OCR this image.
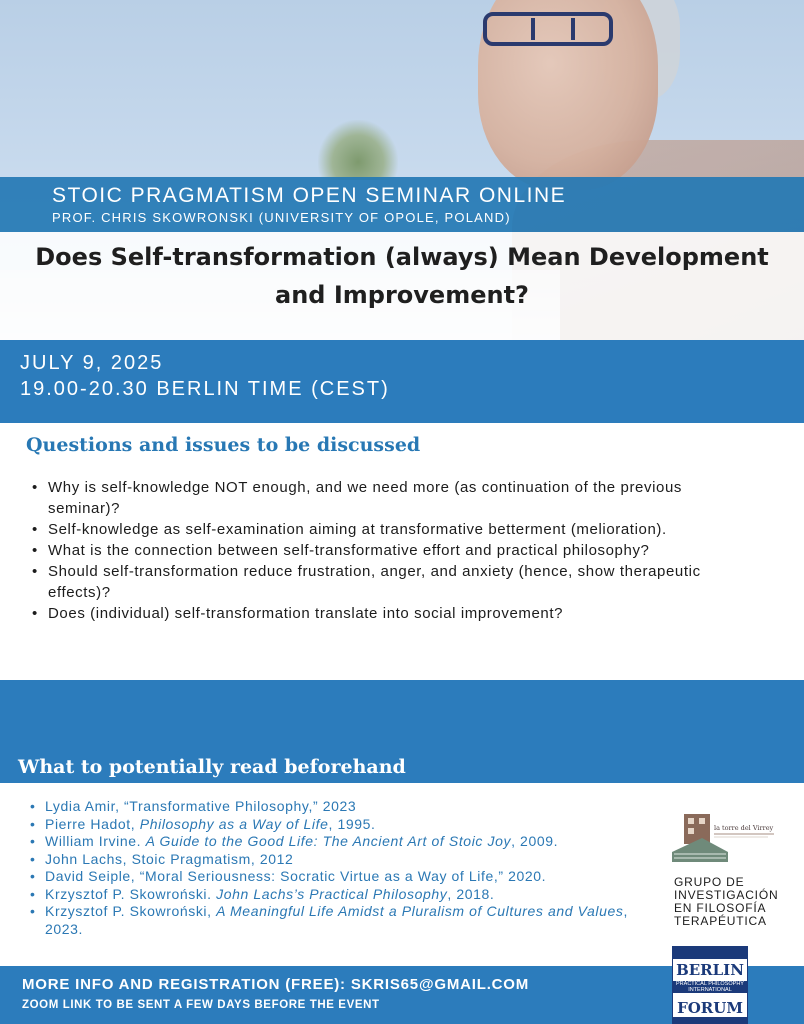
STOIC PRAGMATISM OPEN SEMINAR ONLINE
PROF. CHRIS SKOWRONSKI (UNIVERSITY OF OPOLE, POLAND)
Does Self-transformation (always) Mean Development
and Improvement?
JULY 9, 2025
19.00-20.30 BERLIN TIME (CEST)
Questions and issues to be discussed
• Why is self-knowledge NOT enough, and we need more (as continuation of the previous seminar)?
• Self-knowledge as self-examination aiming at transformative betterment (melioration).
• What is the connection between self-transformative effort and practical philosophy?
• Should self-transformation reduce frustration, anger, and anxiety (hence, show therapeutic effects)?
• Does (individual) self-transformation translate into social improvement?
What to potentially read beforehand
• Lydia Amir, “Transformative Philosophy,” 2023
• Pierre Hadot, Philosophy as a Way of Life, 1995.
• William Irvine. A Guide to the Good Life: The Ancient Art of Stoic Joy, 2009.
• John Lachs, Stoic Pragmatism, 2012
• David Seiple, “Moral Seriousness: Socratic Virtue as a Way of Life,” 2020.
• Krzysztof P. Skowroński. John Lachs’s Practical Philosophy, 2018.
• Krzysztof P. Skowroński, A Meaningful Life Amidst a Pluralism of Cultures and Values, 2023.
la torre del Virrey
GRUPO DE
INVESTIGACIÓN
EN FILOSOFÍA
TERAPÉUTICA
MORE INFO AND REGISTRATION (FREE): SKRIS65@GMAIL.COM
ZOOM LINK TO BE SENT A FEW DAYS BEFORE THE EVENT
BERLIN
PRACTICAL PHILOSOPHY INTERNATIONAL
FORUM
